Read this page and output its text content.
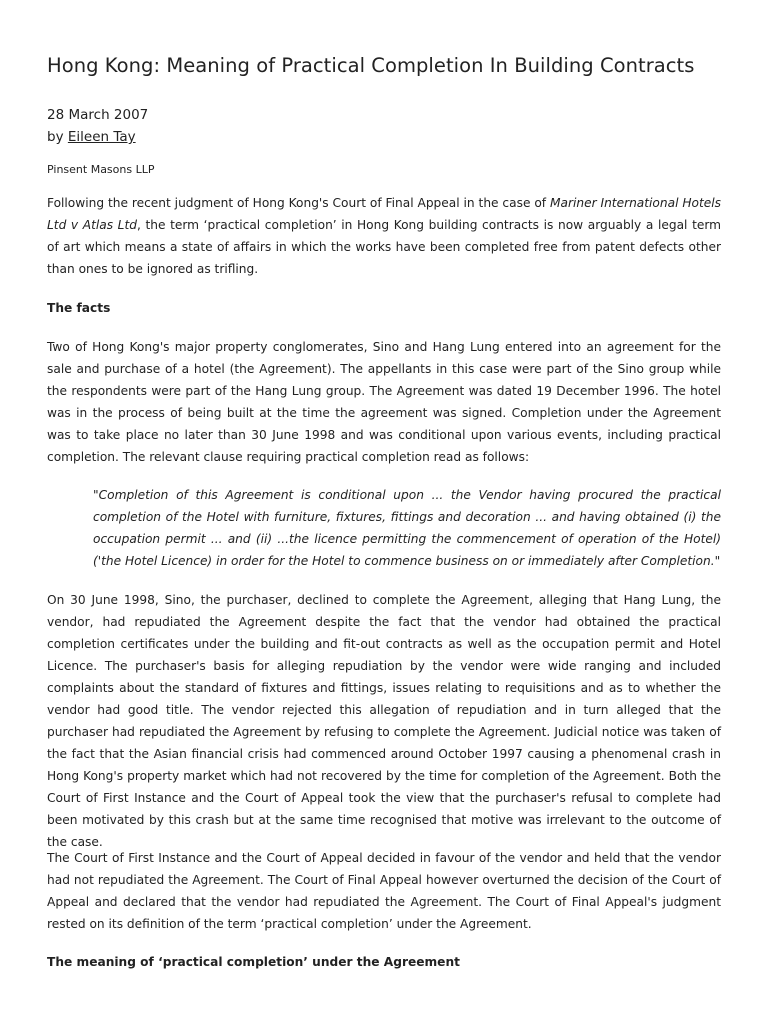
Hong Kong: Meaning of Practical Completion In Building Contracts
28 March 2007
by Eileen Tay
Pinsent Masons LLP

Following the recent judgment of Hong Kong's Court of Final Appeal in the case of Mariner International Hotels Ltd v Atlas Ltd, the term ‘practical completion’ in Hong Kong building contracts is now arguably a legal term of art which means a state of affairs in which the works have been completed free from patent defects other than ones to be ignored as trifling.

The facts

Two of Hong Kong's major property conglomerates, Sino and Hang Lung entered into an agreement for the sale and purchase of a hotel (the Agreement). The appellants in this case were part of the Sino group while the respondents were part of the Hang Lung group. The Agreement was dated 19 December 1996. The hotel was in the process of being built at the time the agreement was signed. Completion under the Agreement was to take place no later than 30 June 1998 and was conditional upon various events, including practical completion. The relevant clause requiring practical completion read as follows:

"Completion of this Agreement is conditional upon ... the Vendor having procured the practical completion of the Hotel with furniture, fixtures, fittings and decoration ... and having obtained (i) the occupation permit ... and (ii) ...the licence permitting the commencement of operation of the Hotel) ('the Hotel Licence) in order for the Hotel to commence business on or immediately after Completion."

On 30 June 1998, Sino, the purchaser, declined to complete the Agreement, alleging that Hang Lung, the vendor, had repudiated the Agreement despite the fact that the vendor had obtained the practical completion certificates under the building and fit-out contracts as well as the occupation permit and Hotel Licence. The purchaser's basis for alleging repudiation by the vendor were wide ranging and included complaints about the standard of fixtures and fittings, issues relating to requisitions and as to whether the vendor had good title. The vendor rejected this allegation of repudiation and in turn alleged that the purchaser had repudiated the Agreement by refusing to complete the Agreement. Judicial notice was taken of the fact that the Asian financial crisis had commenced around October 1997 causing a phenomenal crash in Hong Kong's property market which had not recovered by the time for completion of the Agreement. Both the Court of First Instance and the Court of Appeal took the view that the purchaser's refusal to complete had been motivated by this crash but at the same time recognised that motive was irrelevant to the outcome of the case.

The Court of First Instance and the Court of Appeal decided in favour of the vendor and held that the vendor had not repudiated the Agreement. The Court of Final Appeal however overturned the decision of the Court of Appeal and declared that the vendor had repudiated the Agreement. The Court of Final Appeal's judgment rested on its definition of the term ‘practical completion’ under the Agreement.

The meaning of ‘practical completion’ under the Agreement
